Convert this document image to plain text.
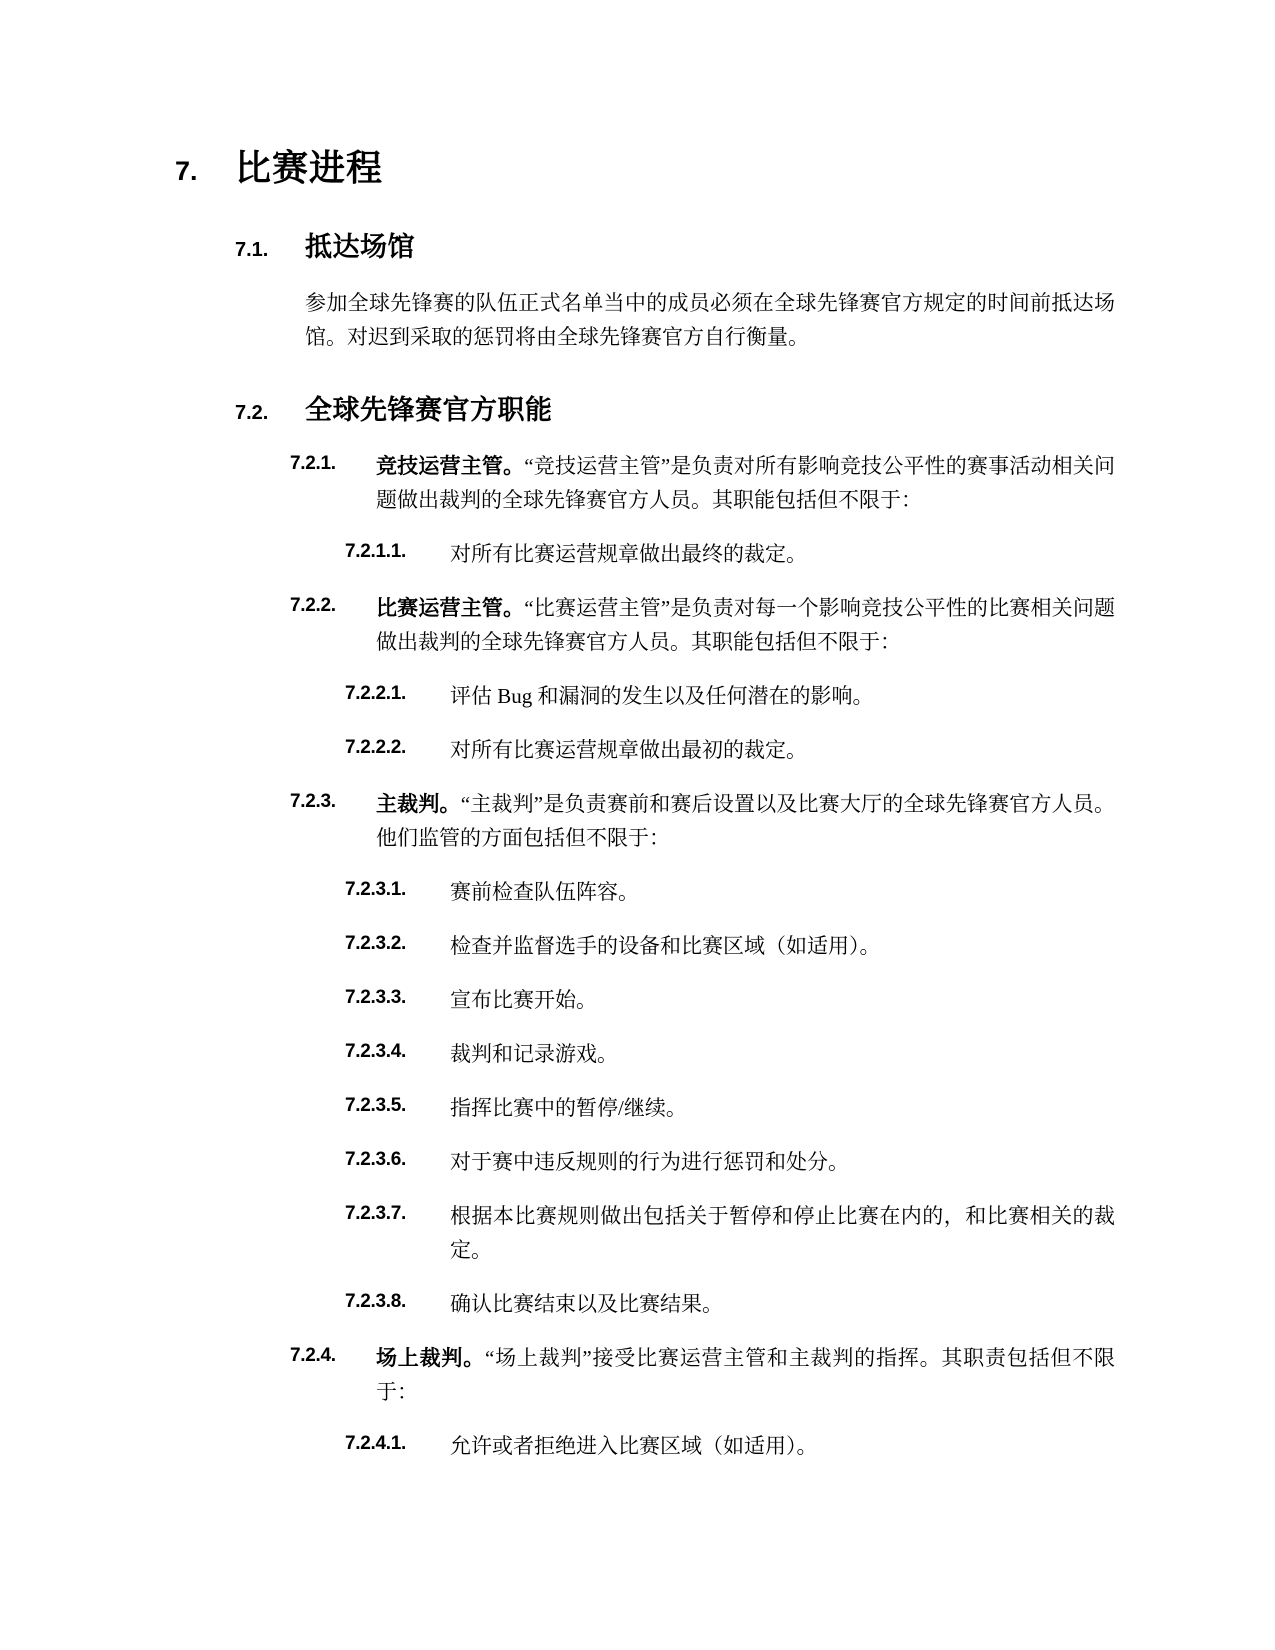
7.	比赛进程
7.1.	抵达场馆

参加全球先锋赛的队伍正式名单当中的成员必须在全球先锋赛官方规定的时间前抵达场馆。对迟到采取的惩罚将由全球先锋赛官方自行衡量。

7.2.	全球先锋赛官方职能
7.2.1.	竞技运营主管。“竞技运营主管”是负责对所有影响竞技公平性的赛事活动相关问题做出裁判的全球先锋赛官方人员。其职能包括但不限于：
7.2.1.1.	对所有比赛运营规章做出最终的裁定。
7.2.2.	比赛运营主管。“比赛运营主管”是负责对每一个影响竞技公平性的比赛相关问题做出裁判的全球先锋赛官方人员。其职能包括但不限于：
7.2.2.1.	评估 Bug 和漏洞的发生以及任何潜在的影响。
7.2.2.2.	对所有比赛运营规章做出最初的裁定。
7.2.3.	主裁判。“主裁判”是负责赛前和赛后设置以及比赛大厅的全球先锋赛官方人员。他们监管的方面包括但不限于：
7.2.3.1.	赛前检查队伍阵容。
7.2.3.2.	检查并监督选手的设备和比赛区域（如适用）。
7.2.3.3.	宣布比赛开始。
7.2.3.4.	裁判和记录游戏。
7.2.3.5.	指挥比赛中的暂停/继续。
7.2.3.6.	对于赛中违反规则的行为进行惩罚和处分。
7.2.3.7.	根据本比赛规则做出包括关于暂停和停止比赛在内的，和比赛相关的裁定。
7.2.3.8.	确认比赛结束以及比赛结果。
7.2.4.	场上裁判。“场上裁判”接受比赛运营主管和主裁判的指挥。其职责包括但不限于：
7.2.4.1.	允许或者拒绝进入比赛区域（如适用）。
